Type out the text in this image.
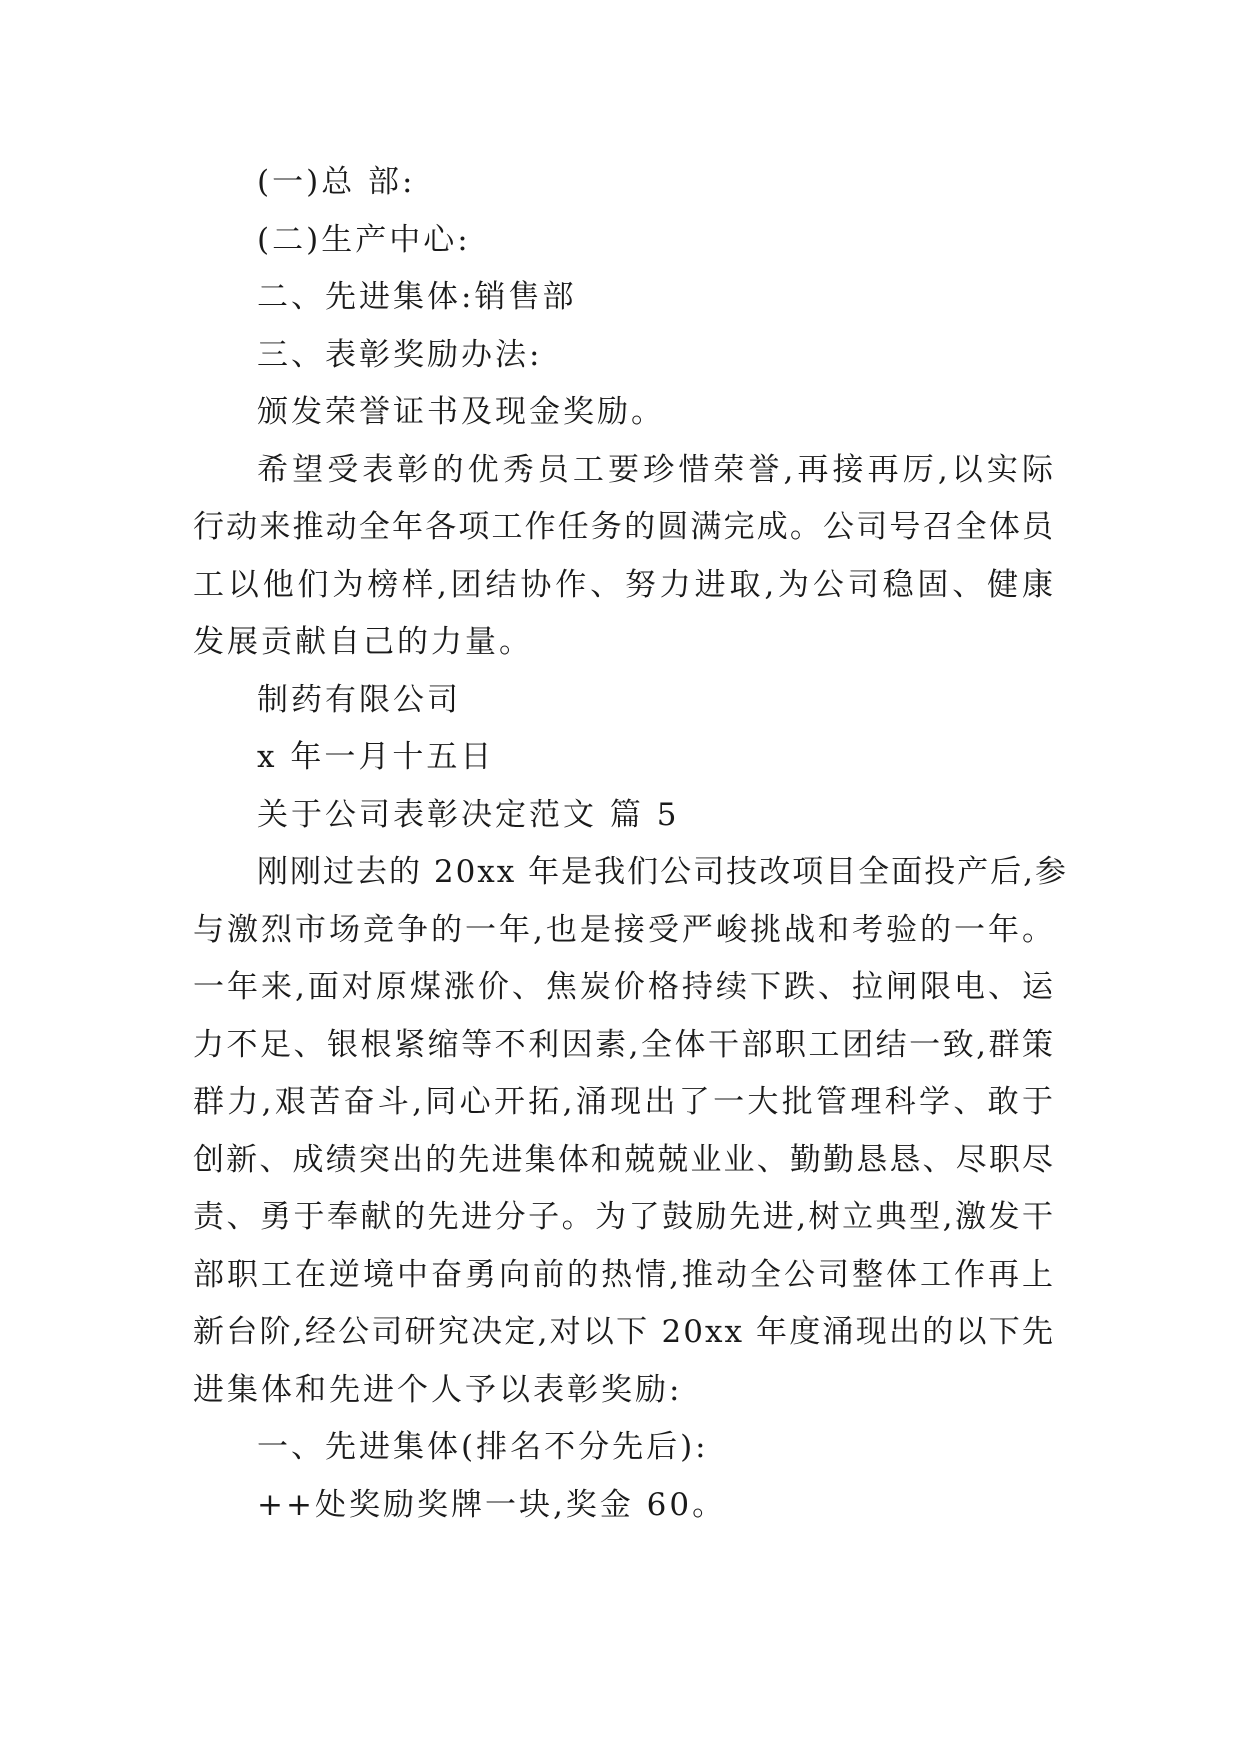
(一)总 部:
(二)生产中心:
二、先进集体:销售部
三、表彰奖励办法:
颁发荣誉证书及现金奖励。
希望受表彰的优秀员工要珍惜荣誉,再接再厉,以实际
行动来推动全年各项工作任务的圆满完成。公司号召全体员
工以他们为榜样,团结协作、努力进取,为公司稳固、健康
发展贡献自己的力量。
制药有限公司
x 年一月十五日
关于公司表彰决定范文 篇 5
刚刚过去的 20xx 年是我们公司技改项目全面投产后,参
与激烈市场竞争的一年,也是接受严峻挑战和考验的一年。
一年来,面对原煤涨价、焦炭价格持续下跌、拉闸限电、运
力不足、银根紧缩等不利因素,全体干部职工团结一致,群策
群力,艰苦奋斗,同心开拓,涌现出了一大批管理科学、敢于
创新、成绩突出的先进集体和兢兢业业、勤勤恳恳、尽职尽
责、勇于奉献的先进分子。为了鼓励先进,树立典型,激发干
部职工在逆境中奋勇向前的热情,推动全公司整体工作再上
新台阶,经公司研究决定,对以下 20xx 年度涌现出的以下先
进集体和先进个人予以表彰奖励:
一、先进集体(排名不分先后):
++处奖励奖牌一块,奖金 60。
